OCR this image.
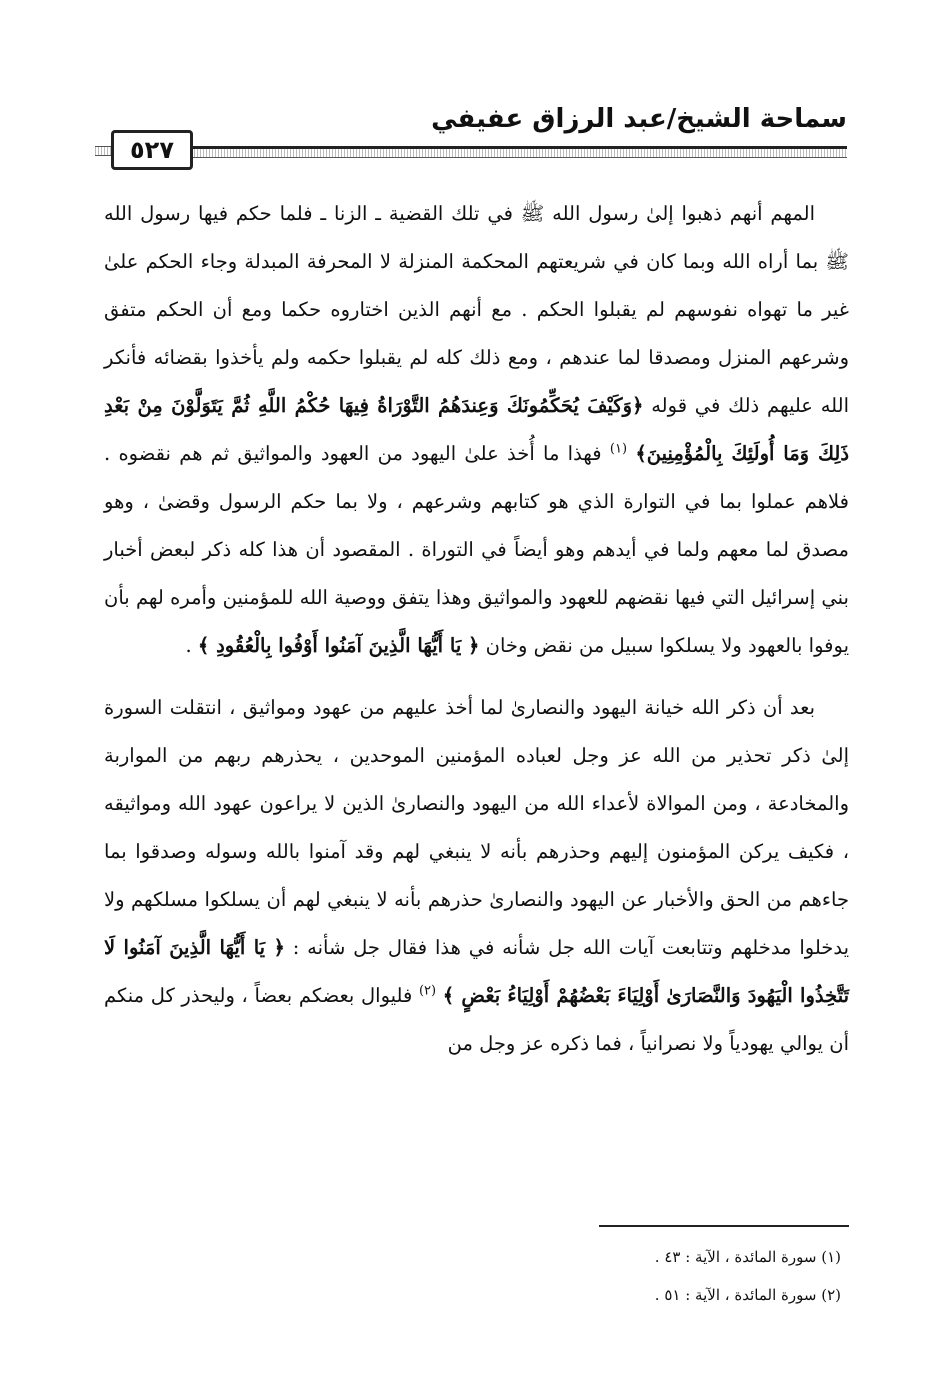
سماحة الشيخ/عبد الرزاق عفيفي
٥٢٧

المهم أنهم ذهبوا إلىٰ رسول الله ﷺ في تلك القضية ـ الزنا ـ فلما حكم فيها رسول الله ﷺ بما أراه الله وبما كان في شريعتهم المحكمة المنزلة لا المحرفة المبدلة وجاء الحكم علىٰ غير ما تهواه نفوسهم لم يقبلوا الحكم . مع أنهم الذين اختاروه حكما ومع أن الحكم متفق وشرعهم المنزل ومصدقا لما عندهم ، ومع ذلك كله لم يقبلوا حكمه ولم يأخذوا بقضائه فأنكر الله عليهم ذلك في قوله ﴿وَكَيْفَ يُحَكِّمُونَكَ وَعِندَهُمُ التَّوْرَاةُ فِيهَا حُكْمُ اللَّهِ ثُمَّ يَتَوَلَّوْنَ مِنْ بَعْدِ ذَلِكَ وَمَا أُولَئِكَ بِالْمُؤْمِنِينَ﴾ $^{(١)}$ فهذا ما أُخذ علىٰ اليهود من العهود والمواثيق ثم هم نقضوه . فلاهم عملوا بما في التوارة الذي هو كتابهم وشرعهم ، ولا بما حكم الرسول وقضىٰ ، وهو مصدق لما معهم ولما في أيدهم وهو أيضاً في التوراة . المقصود أن هذا كله ذكر لبعض أخبار بني إسرائيل التي فيها نقضهم للعهود والمواثيق وهذا يتفق ووصية الله للمؤمنين وأمره لهم بأن يوفوا بالعهود ولا يسلكوا سبيل من نقض وخان ﴿ يَا أَيُّهَا الَّذِينَ آمَنُوا أَوْفُوا بِالْعُقُودِ ﴾ .

بعد أن ذكر الله خيانة اليهود والنصارىٰ لما أخذ عليهم من عهود ومواثيق ، انتقلت السورة إلىٰ ذكر تحذير من الله عز وجل لعباده المؤمنين الموحدين ، يحذرهم ربهم من المواربة والمخادعة ، ومن الموالاة لأعداء الله من اليهود والنصارىٰ الذين لا يراعون عهود الله ومواثيقه ، فكيف يركن المؤمنون إليهم وحذرهم بأنه لا ينبغي لهم وقد آمنوا بالله وسوله وصدقوا بما جاءهم من الحق والأخبار عن اليهود والنصارىٰ حذرهم بأنه لا ينبغي لهم أن يسلكوا مسلكهم ولا يدخلوا مدخلهم وتتابعت آيات الله جل شأنه في هذا فقال جل شأنه : ﴿ يَا أَيُّهَا الَّذِينَ آمَنُوا لَا تَتَّخِذُوا الْيَهُودَ وَالنَّصَارَىٰ أَوْلِيَاءَ بَعْضُهُمْ أَوْلِيَاءُ بَعْضٍ ﴾ $^{(٢)}$ فليوال بعضكم بعضاً ، وليحذر كل منكم أن يوالي يهودياً ولا نصرانياً ، فما ذكره عز وجل من

(١) سورة المائدة ، الآية : ٤٣ .
(٢) سورة المائدة ، الآية : ٥١ .
